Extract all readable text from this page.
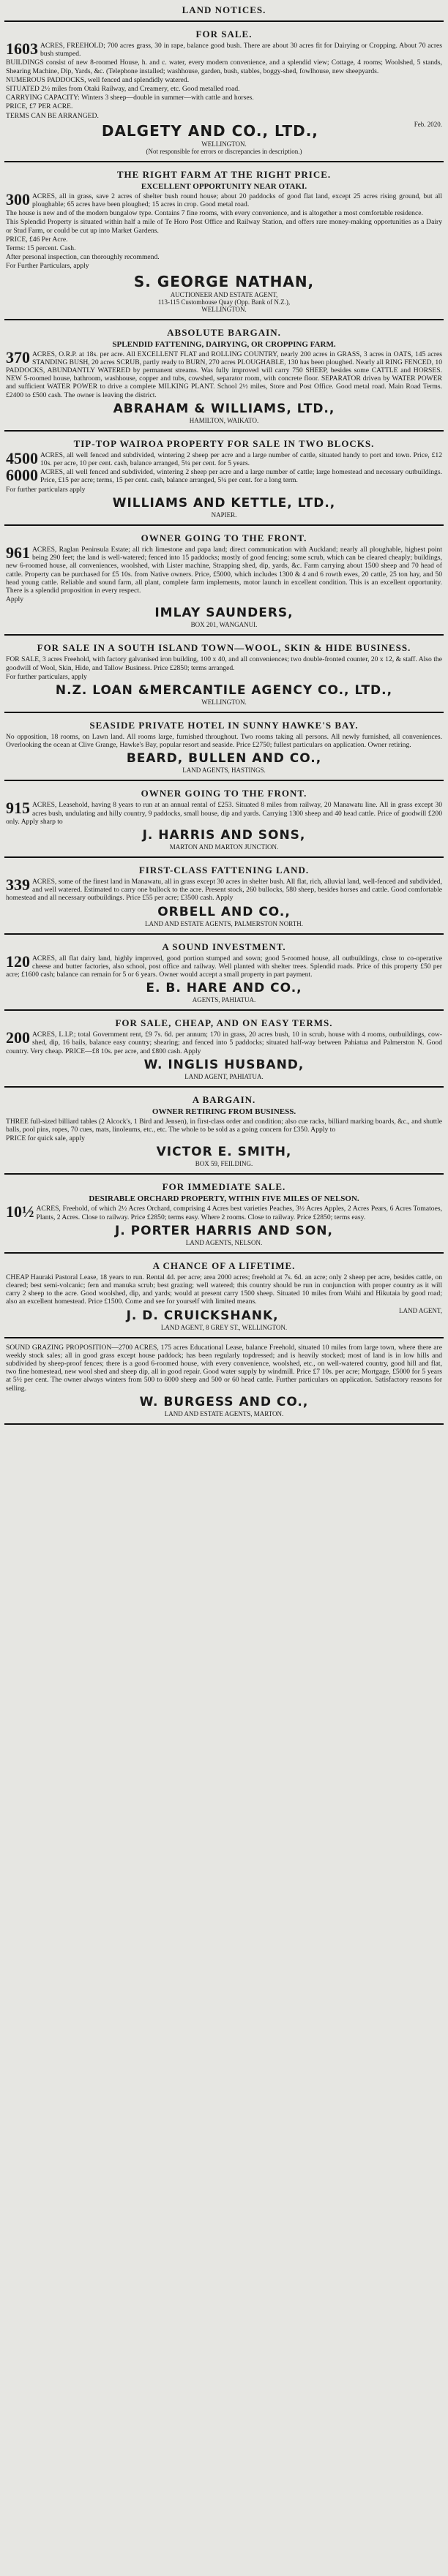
LAND NOTICES.
FOR SALE.

1603 ACRES, FREEHOLD; 700 acres grass, 30 in rape, balance good bush. There are about 30 acres fit for Dairying or Cropping. About 70 acres bush stumped.

BUILDINGS consist of new 8-roomed House, h. and c. water, every modern convenience, and a splendid view; Cottage, 4 rooms; Woolshed, 5 stands, Shearing Machine, Dip, Yards, &c. (Telephone installed; washhouse, garden, bush, stables, boggy-shed, fowlhouse, new sheepyards.

NUMEROUS PADDOCKS, well fenced and splendidly watered.

SITUATED 2½ miles from Otaki Railway, and Creamery, etc. Good metalled road.

CARRYING CAPACITY: Winters 3 sheep—double in summer—with cattle and horses.

PRICE, £7 PER ACRE.

TERMS CAN BE ARRANGED.

Feb. 2020.
DALGETY AND CO., LTD.,
WELLINGTON.
(Not responsible for errors or discrepancies in description.)
THE RIGHT FARM AT THE RIGHT PRICE.
EXCELLENT OPPORTUNITY NEAR OTAKI.

300 ACRES, all in grass, save 2 acres of shelter bush round house; about 20 paddocks of good flat land, except 25 acres rising ground, but all ploughable; 65 acres have been ploughed; 15 acres in crop. Good metal road.

The house is new and of the modern bungalow type. Contains 7 fine rooms, with every convenience, and is altogether a most comfortable residence.

This Splendid Property is situated within half a mile of Te Horo Post Office and Railway Station, and offers rare money-making opportunities as a Dairy or Stud Farm, or could be cut up into Market Gardens.

PRICE, £46 Per Acre.

Terms: 15 percent. Cash.

After personal inspection, can thoroughly recommend.

For Further Particulars, apply

S. GEORGE NATHAN,
AUCTIONEER AND ESTATE AGENT,
113-115 Customhouse Quay (Opp. Bank of N.Z.),
WELLINGTON.
ABSOLUTE BARGAIN.
SPLENDID FATTENING, DAIRYING, OR CROPPING FARM.

370 ACRES, O.R.P. at 18s. per acre. All EXCELLENT FLAT and ROLLING COUNTRY, nearly 200 acres in GRASS, 3 acres in OATS, 145 acres STANDING BUSH, 20 acres SCRUB, partly ready to BURN, 270 acres PLOUGHABLE, 130 has been ploughed. Nearly all RING FENCED, 10 PADDOCKS, ABUNDANTLY WATERED by permanent streams. Was fully improved will carry 750 SHEEP, besides some CATTLE and HORSES. NEW 5-roomed house, bathroom, washhouse, copper and tubs, cowshed, separator room, with concrete floor. SEPARATOR driven by WATER POWER and sufficient WATER POWER to drive a complete MILKING PLANT. School 2½ miles, Store and Post Office. Good metal road. Main Road Terms. £2400 to £500 cash. The owner is leaving the district.

ABRAHAM & WILLIAMS, LTD.,
HAMILTON, WAIKATO.
TIP-TOP WAIROA PROPERTY FOR SALE IN TWO BLOCKS.

4500 ACRES, all well fenced and subdivided, wintering 2 sheep per acre and a large number of cattle, situated handy to port and town. Price, £12 10s. per acre, 10 per cent. cash, balance arranged, 5¼ per cent. for 5 years.

6000 ACRES, all well fenced and subdivided, wintering 2 sheep per acre and a large number of cattle; large homestead and necessary outbuildings. Price, £15 per acre; terms, 15 per cent. cash, balance arranged, 5¼ per cent. for a long term.

For further particulars apply

WILLIAMS AND KETTLE, LTD.,
NAPIER.
OWNER GOING TO THE FRONT.

961 ACRES, Raglan Peninsula Estate; all rich limestone and papa land; direct communication with Auckland; nearly all ploughable, highest point being 290 feet; the land is well-watered; fenced into 15 paddocks; mostly of good fencing; some scrub, which can be cleared cheaply; buildings, new 6-roomed house, all conveniences, woolshed, with Lister machine, Strapping shed, dip, yards, &c. Farm carrying about 1500 sheep and 70 head of cattle. Property can be purchased for £5 10s. from Native owners. Price, £5000, which includes 1300 & 4 and 6 rowth ewes, 20 cattle, 25 ton hay, and 50 head young cattle. Reliable and sound farm, all plant, complete farm implements, motor launch in excellent condition. This is an excellent opportunity. There is a splendid proposition in every respect.

Apply

IMLAY SAUNDERS,
BOX 201, WANGANUI.
FOR SALE IN A SOUTH ISLAND TOWN—WOOL, SKIN & HIDE BUSINESS.

FOR SALE, 3 acres Freehold, with factory galvanised iron building, 100 x 40, and all conveniences; two double-fronted counter, 20 x 12, & staff. Also the goodwill of Wool, Skin, Hide, and Tallow Business. Price £2850; terms arranged.

For further particulars, apply

N.Z. LOAN &MERCANTILE AGENCY CO., LTD.,
WELLINGTON.
SEASIDE PRIVATE HOTEL IN SUNNY HAWKE'S BAY.

No opposition, 18 rooms, on Lawn land. All rooms large, furnished throughout. Two rooms taking all persons. All newly furnished, all conveniences. Overlooking the ocean at Clive Grange, Hawke's Bay, popular resort and seaside. Price £2750; fullest particulars on application. Owner retiring.

BEARD, BULLEN AND CO.,
LAND AGENTS, HASTINGS.
OWNER GOING TO THE FRONT.

915 ACRES, Leasehold, having 8 years to run at an annual rental of £253. Situated 8 miles from railway, 20 Manawatu line. All in grass except 30 acres bush, undulating and hilly country, 9 paddocks, small house, dip and yards. Carrying 1300 sheep and 40 head cattle. Price of goodwill £200 only. Apply sharp to

J. HARRIS AND SONS,
MARTON AND MARTON JUNCTION.
FIRST-CLASS FATTENING LAND.

339 ACRES, some of the finest land in Manawatu, all in grass except 30 acres in shelter bush. All flat, rich, alluvial land, well-fenced and subdivided, and well watered. Estimated to carry one bullock to the acre. Present stock, 260 bullocks, 580 sheep, besides horses and cattle. Good comfortable homestead and all necessary outbuildings. Price £55 per acre; £3500 cash. Apply

ORBELL AND CO.,
LAND AND ESTATE AGENTS, PALMERSTON NORTH.
A SOUND INVESTMENT.

120 ACRES, all flat dairy land, highly improved, good portion stumped and sown; good 5-roomed house, all outbuildings, close to co-operative cheese and butter factories, also school, post office and railway. Well planted with shelter trees. Splendid roads. Price of this property £50 per acre; £1600 cash; balance can remain for 5 or 6 years. Owner would accept a small property in part payment.

E. B. HARE AND CO.,
AGENTS, PAHIATUA.
FOR SALE, CHEAP, AND ON EASY TERMS.

200 ACRES, L.I.P.; total Government rent, £9 7s. 6d. per annum; 170 in grass, 20 acres bush, 10 in scrub, house with 4 rooms, outbuildings, cow-shed, dip, 16 bails, balance easy country; shearing; and fenced into 5 paddocks; situated half-way between Pahiatua and Palmerston N. Good country. Very cheap. PRICE—£8 10s. per acre, and £800 cash. Apply

W. INGLIS HUSBAND,
LAND AGENT, PAHIATUA.
A BARGAIN.
OWNER RETIRING FROM BUSINESS.

THREE full-sized billiard tables (2 Alcock's, 1 Bird and Jensen), in first-class order and condition; also cue racks, billiard marking boards, &c., and shuttle balls, pool pins, ropes, 70 cues, mats, linoleums, etc., etc. The whole to be sold as a going concern for £350. Apply to

PRICE for quick sale, apply

VICTOR E. SMITH,
BOX 59, FEILDING.
FOR IMMEDIATE SALE.
DESIRABLE ORCHARD PROPERTY, WITHIN FIVE MILES OF NELSON.

10½ ACRES, Freehold, of which 2½ Acres Orchard, comprising 4 Acres best varieties Peaches, 3½ Acres Apples, 2 Acres Pears, 6 Acres Tomatoes, Plants, 2 Acres. Close to railway. Price £2850; terms easy. Where 2 rooms. Close to railway. Price £2850; terms easy.

J. PORTER HARRIS AND SON,
LAND AGENTS, NELSON.
A CHANCE OF A LIFETIME.

CHEAP Hauraki Pastoral Lease, 18 years to run. Rental 4d. per acre; area 2000 acres; freehold at 7s. 6d. an acre; only 2 sheep per acre, besides cattle, on cleared; best semi-volcanic; fern and manuka scrub; best grazing; well watered; this country should be run in conjunction with proper country as it will carry 2 sheep to the acre. Good woolshed, dip, and yards; would at present carry 1500 sheep. Situated 10 miles from Waihi and Hikutaia by good road; also an excellent homestead. Price £1500. Come and see for yourself with limited means.

LAND AGENT,
J. D. CRUICKSHANK,
LAND AGENT, 8 GREY ST., WELLINGTON.
SOUND GRAZING PROPOSITION—2700 ACRES, 175 acres Educational Lease, balance Freehold, situated 10 miles from large town, where there are weekly stock sales; all in good grass except house paddock; has been regularly topdressed; and is heavily stocked; most of land is in low hills and subdivided by sheep-proof fences; there is a good 6-roomed house, with every convenience, woolshed, etc., on well-watered country, good hill and flat, two fine homestead, new wool shed and sheep dip, all in good repair. Good water supply by windmill. Price £7 10s. per acre; Mortgage, £5000 for 5 years at 5½ per cent. The owner always winters from 500 to 6000 sheep and 500 or 60 head cattle. Further particulars on application. Satisfactory reasons for selling.
W. BURGESS AND CO.,
LAND AND ESTATE AGENTS, MARTON.
